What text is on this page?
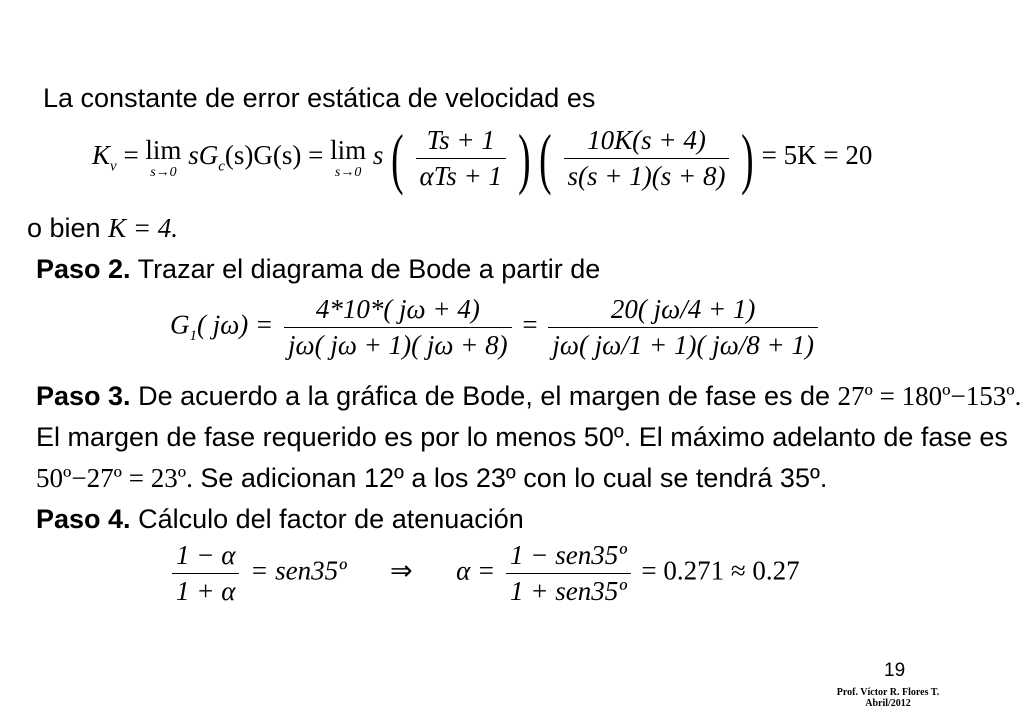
La constante de error estática de velocidad es
$K_v = \lim$
s→0
$sG_c(s)G(s) = \lim$
s→0
s ( $\frac{Ts + 1}{\text{αTs + 1}}$ ) ( $\frac{10K(s + 4)}{s(s + 1)(s + 8)}$ ) = 5K = 20
o bien K = 4.
Paso 2. Trazar el diagrama de Bode a partir de
$G_1$( $j\omega) = \frac{4*10*( j\omega + 4)}{j\omega( j\omega + 1)( j\omega + 8)} = \frac{20( j\omega/4 + 1)}{j\omega( j\omega/1 + 1)( j\omega/8 + 1)}$
Paso 3. De acuerdo a la gráfica de Bode, el margen de fase es de 27º = 180º−153º.
El margen de fase requerido es por lo menos 50º. El máximo adelanto de fase es
50º−27º = 23º. Se adicionan 12º a los 23º con lo cual se tendrá 35º.
Paso 4. Cálculo del factor de atenuación
$\frac{1 - \alpha}{1 + \alpha}$ = sen35º ⇒ $\alpha = \frac{\text{1 − sen35º}}{\text{1 + sen35º}} = 0.271 \approx 0.27$
19
Prof. Víctor R. Flores T.
Abril/2012
